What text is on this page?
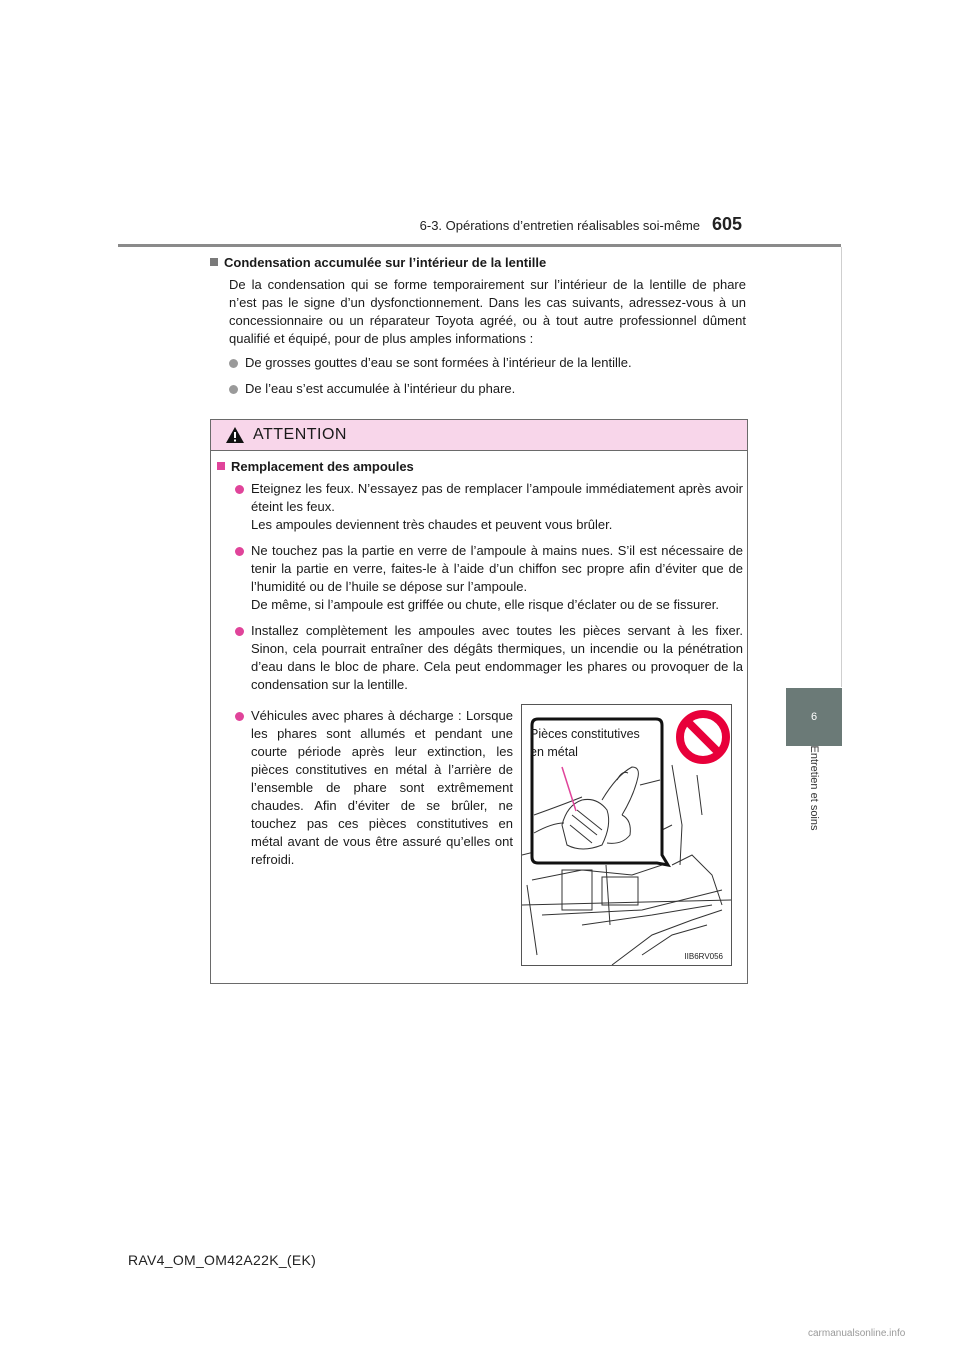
6-3. Opérations d’entretien réalisables soi-même 605
6
Entretien et soins
Condensation accumulée sur l’intérieur de la lentille

De la condensation qui se forme temporairement sur l’intérieur de la lentille de phare n’est pas le signe d’un dysfonctionnement. Dans les cas suivants, adressez-vous à un concessionnaire ou un réparateur Toyota agréé, ou à tout autre professionnel dûment qualifié et équipé, pour de plus amples informations :

De grosses gouttes d’eau se sont formées à l’intérieur de la lentille.
De l’eau s’est accumulée à l’intérieur du phare.
ATTENTION
Remplacement des ampoules
Eteignez les feux. N’essayez pas de remplacer l’ampoule immédiatement après avoir éteint les feux.
Les ampoules deviennent très chaudes et peuvent vous brûler.
Ne touchez pas la partie en verre de l’ampoule à mains nues. S’il est nécessaire de tenir la partie en verre, faites-le à l’aide d’un chiffon sec propre afin d’éviter que de l’humidité ou de l’huile se dépose sur l’ampoule.
De même, si l’ampoule est griffée ou chute, elle risque d’éclater ou de se fissurer.
Installez complètement les ampoules avec toutes les pièces servant à les fixer. Sinon, cela pourrait entraîner des dégâts thermiques, un incendie ou la pénétration d’eau dans le bloc de phare. Cela peut endommager les phares ou provoquer de la condensation sur la lentille.
Véhicules avec phares à décharge : Lorsque les phares sont allumés et pendant une courte période après leur extinction, les pièces constitutives en métal à l’arrière de l’ensemble de phare sont extrêmement chaudes. Afin d’éviter de se brûler, ne touchez pas ces pièces constitutives en métal avant de vous être assuré qu’elles ont refroidi.
Pièces constitutives
en métal
IIB6RV056
RAV4_OM_OM42A22K_(EK)
carmanualsonline.info
